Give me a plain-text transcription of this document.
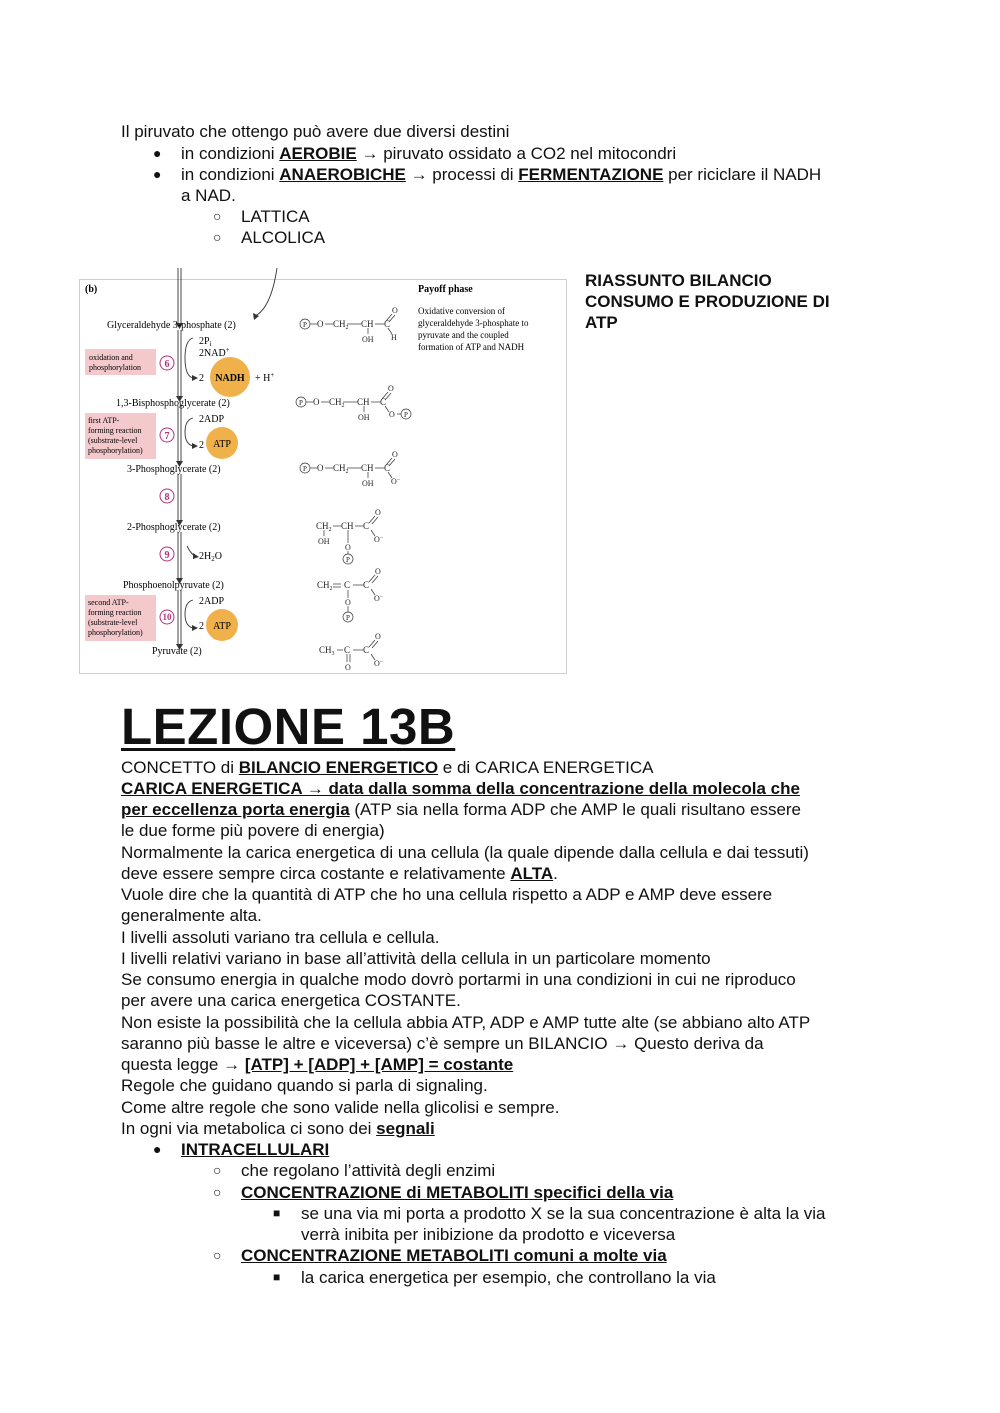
Il piruvato che ottengo può avere due diversi destini
● in condizioni AEROBIE → piruvato ossidato a CO2 nel mitocondri
● in condizioni ANAEROBICHE → processi di FERMENTAZIONE per riciclare il NADH
a NAD.
○ LATTICA
○ ALCOLICA
RIASSUNTO BILANCIO
CONSUMO E PRODUZIONE DI
ATP
(b)	Payoff phase
Oxidative conversion of
glyceraldehyde 3-phosphate to
pyruvate and the coupled
formation of ATP and NADH
Glyceraldehyde 3-phosphate (2)
1,3-Bisphosphoglycerate (2)
3-Phosphoglycerate (2)
2-Phosphoglycerate (2)
Phosphoenolpyruvate (2)
Pyruvate (2)
oxidation and
phosphorylation 6
$2P_i$
2NAD+
2 NADH + H+
first ATP-
forming reaction
(substrate-level
phosphorylation)
7
2ADP
2 ATP
8
9	$2H_2O$
second ATP-
forming reaction
(substrate-level
phosphorylation)
10
2ADP
2 ATP
P O $CH_2$ CH
OH
C
O
H
P O $CH_2$ CH
OH
C
O
O P
P O $CH_2$ CH
OH
C
O
O−
$CH_2$ CH C
OH
O
P
O
O−
$CH_2$ C C
O
P
O
O−
$CH_3$ C C
O
O
O−
LEZIONE 13B
CONCETTO di BILANCIO ENERGETICO e di CARICA ENERGETICA
CARICA ENERGETICA → data dalla somma della concentrazione della molecola che
per eccellenza porta energia (ATP sia nella forma ADP che AMP le quali risultano essere
le due forme più povere di energia)
Normalmente la carica energetica di una cellula (la quale dipende dalla cellula e dai tessuti)
deve essere sempre circa costante e relativamente ALTA.
Vuole dire che la quantità di ATP che ho una cellula rispetto a ADP e AMP deve essere
generalmente alta.
I livelli assoluti variano tra cellula e cellula.
I livelli relativi variano in base all’attività della cellula in un particolare momento
Se consumo energia in qualche modo dovrò portarmi in una condizioni in cui ne riproduco
per avere una carica energetica COSTANTE.
Non esiste la possibilità che la cellula abbia ATP, ADP e AMP tutte alte (se abbiano alto ATP
saranno più basse le altre e viceversa) c’è sempre un BILANCIO → Questo deriva da
questa legge → [ATP] + [ADP] + [AMP] = costante
Regole che guidano quando si parla di signaling.
Come altre regole che sono valide nella glicolisi e sempre.
In ogni via metabolica ci sono dei segnali
● INTRACELLULARI
○ che regolano l’attività degli enzimi
○ CONCENTRAZIONE di METABOLITI specifici della via
■ se una via mi porta a prodotto X se la sua concentrazione è alta la via
verrà inibita per inibizione da prodotto e viceversa
○ CONCENTRAZIONE METABOLITI comuni a molte via
■ la carica energetica per esempio, che controllano la via
